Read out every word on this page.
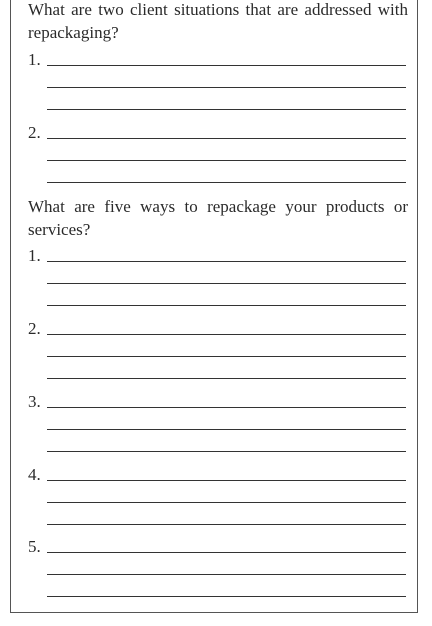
What are two client situations that are addressed with repackaging?

1.
2.

What are five ways to repackage your products or services?

1.
2.
3.
4.
5.
